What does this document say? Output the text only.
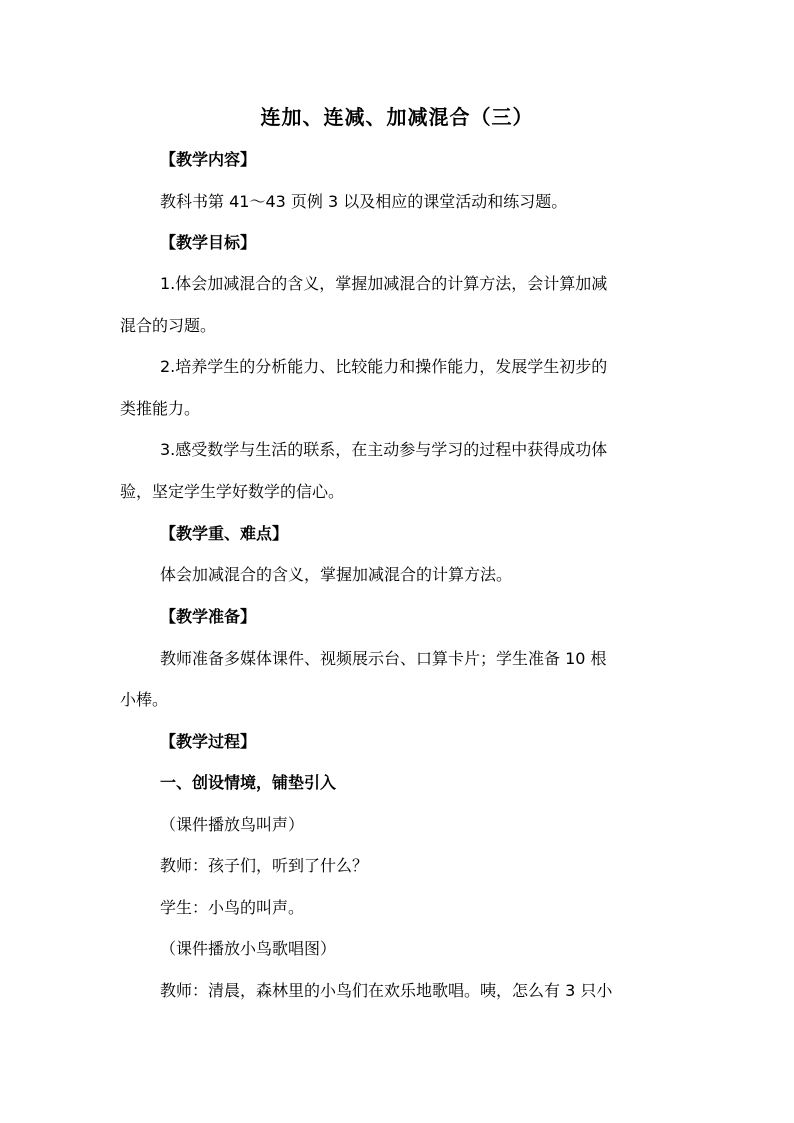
连加、连减、加减混合（三）
【教学内容】
教科书第 41～43 页例 3 以及相应的课堂活动和练习题。
【教学目标】
1.体会加减混合的含义，掌握加减混合的计算方法，会计算加减
混合的习题。
2.培养学生的分析能力、比较能力和操作能力，发展学生初步的
类推能力。
3.感受数学与生活的联系，在主动参与学习的过程中获得成功体
验，坚定学生学好数学的信心。
【教学重、难点】
体会加减混合的含义，掌握加减混合的计算方法。
【教学准备】
教师准备多媒体课件、视频展示台、口算卡片；学生准备 10 根
小棒。
【教学过程】
一、创设情境，铺垫引入
（课件播放鸟叫声）
教师：孩子们，听到了什么？
学生：小鸟的叫声。
（课件播放小鸟歌唱图）
教师：清晨，森林里的小鸟们在欢乐地歌唱。咦，怎么有 3 只小
